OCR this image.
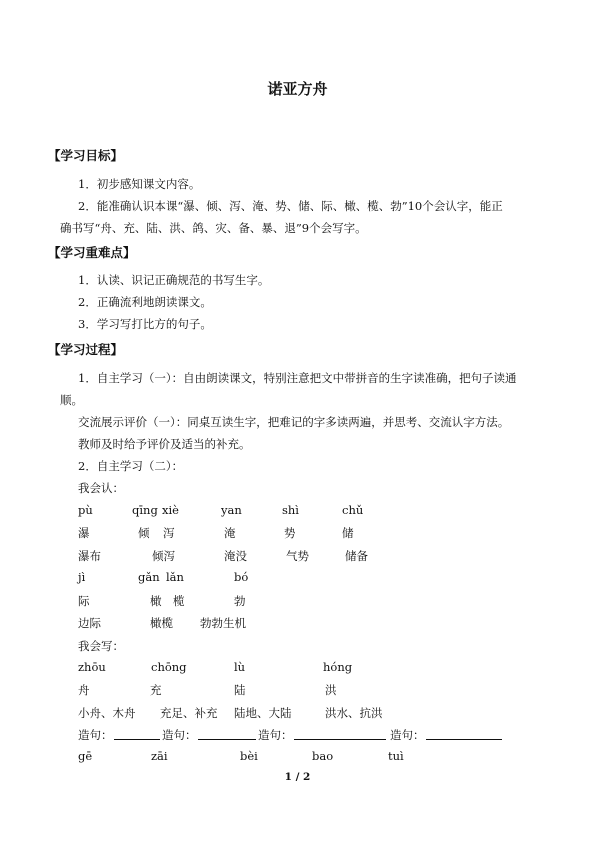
诺亚方舟
【学习目标】
1．初步感知课文内容。
2．能准确认识本课“瀑、倾、泻、淹、势、储、际、橄、榄、勃”10个会认字，能正
确书写“舟、充、陆、洪、鸽、灾、备、暴、退”9个会写字。
【学习重难点】
1．认读、识记正确规范的书写生字。
2．正确流利地朗读课文。
3．学习写打比方的句子。
【学习过程】
1．自主学习（一）：自由朗读课文，特别注意把文中带拼音的生字读准确，把句子读通
顺。
交流展示评价（一）：同桌互读生字，把难记的字多读两遍，并思考、交流认字方法。
教师及时给予评价及适当的补充。
2．自主学习（二）：
我会认：
pù	qīng xiè	yan	shì	chǔ
瀑	倾 泻	淹	势	储
瀑布	倾泻	淹没	气势	储备
jì	gǎn lǎn	bó
际	橄 榄	勃
边际	橄榄 勃勃生机
我会写：
zhōu	chōng	lù	hóng
舟	充	陆	洪
小舟、木舟 充足、补充 陆地、大陆	洪水、抗洪
造句：	造句：	造句：	造句：
gē	zāi	bèi	bao	tuì
1 / 2
